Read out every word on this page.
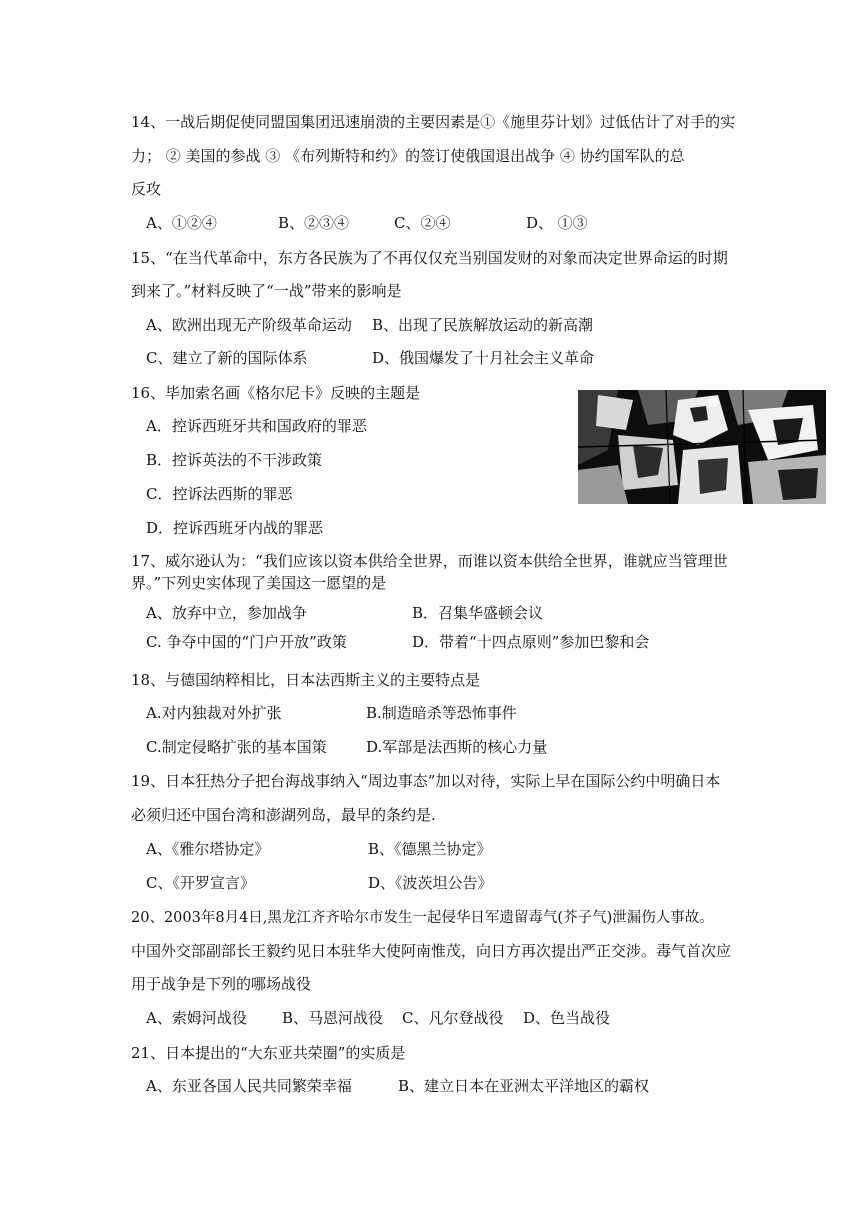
14、一战后期促使同盟国集团迅速崩溃的主要因素是①《施里芬计划》过低估计了对手的实
力； ② 美国的参战 ③ 《布列斯特和约》的签订使俄国退出战争 ④ 协约国军队的总
反攻
A、①②④	B、②③④	C、②④	D、 ①③
15、“在当代革命中，东方各民族为了不再仅仅充当别国发财的对象而决定世界命运的时期
到来了。”材料反映了“一战”带来的影响是
A、欧洲出现无产阶级革命运动 B、出现了民族解放运动的新高潮
C、建立了新的国际体系	D、俄国爆发了十月社会主义革命
16、毕加索名画《格尔尼卡》反映的主题是
A．控诉西班牙共和国政府的罪恶
B．控诉英法的不干涉政策
C．控诉法西斯的罪恶
D．控诉西班牙内战的罪恶
17、威尔逊认为：“我们应该以资本供给全世界，而谁以资本供给全世界，谁就应当管理世
界。”下列史实体现了美国这一愿望的是
A、放弃中立，参加战争	B．召集华盛顿会议
C. 争夺中国的“门户开放”政策	D．带着“十四点原则”参加巴黎和会
18、与德国纳粹相比，日本法西斯主义的主要特点是
A.对内独裁对外扩张	B.制造暗杀等恐怖事件
C.制定侵略扩张的基本国策	D.军部是法西斯的核心力量
19、日本狂热分子把台海战事纳入“周边事态”加以对待，实际上早在国际公约中明确日本
必须归还中国台湾和澎湖列岛，最早的条约是.
A、《雅尔塔协定》	B、《德黑兰协定》
C、《开罗宣言》	D、《波茨坦公告》
20、2003年8月4日,黑龙江齐齐哈尔市发生一起侵华日军遗留毒气(芥子气)泄漏伤人事故。
中国外交部副部长王毅约见日本驻华大使阿南惟茂，向日方再次提出严正交涉。毒气首次应
用于战争是下列的哪场战役
A、索姆河战役 B、马恩河战役 C、凡尔登战役 D、色当战役
21、日本提出的“大东亚共荣圈”的实质是
A、东亚各国人民共同繁荣幸福	B、建立日本在亚洲太平洋地区的霸权
